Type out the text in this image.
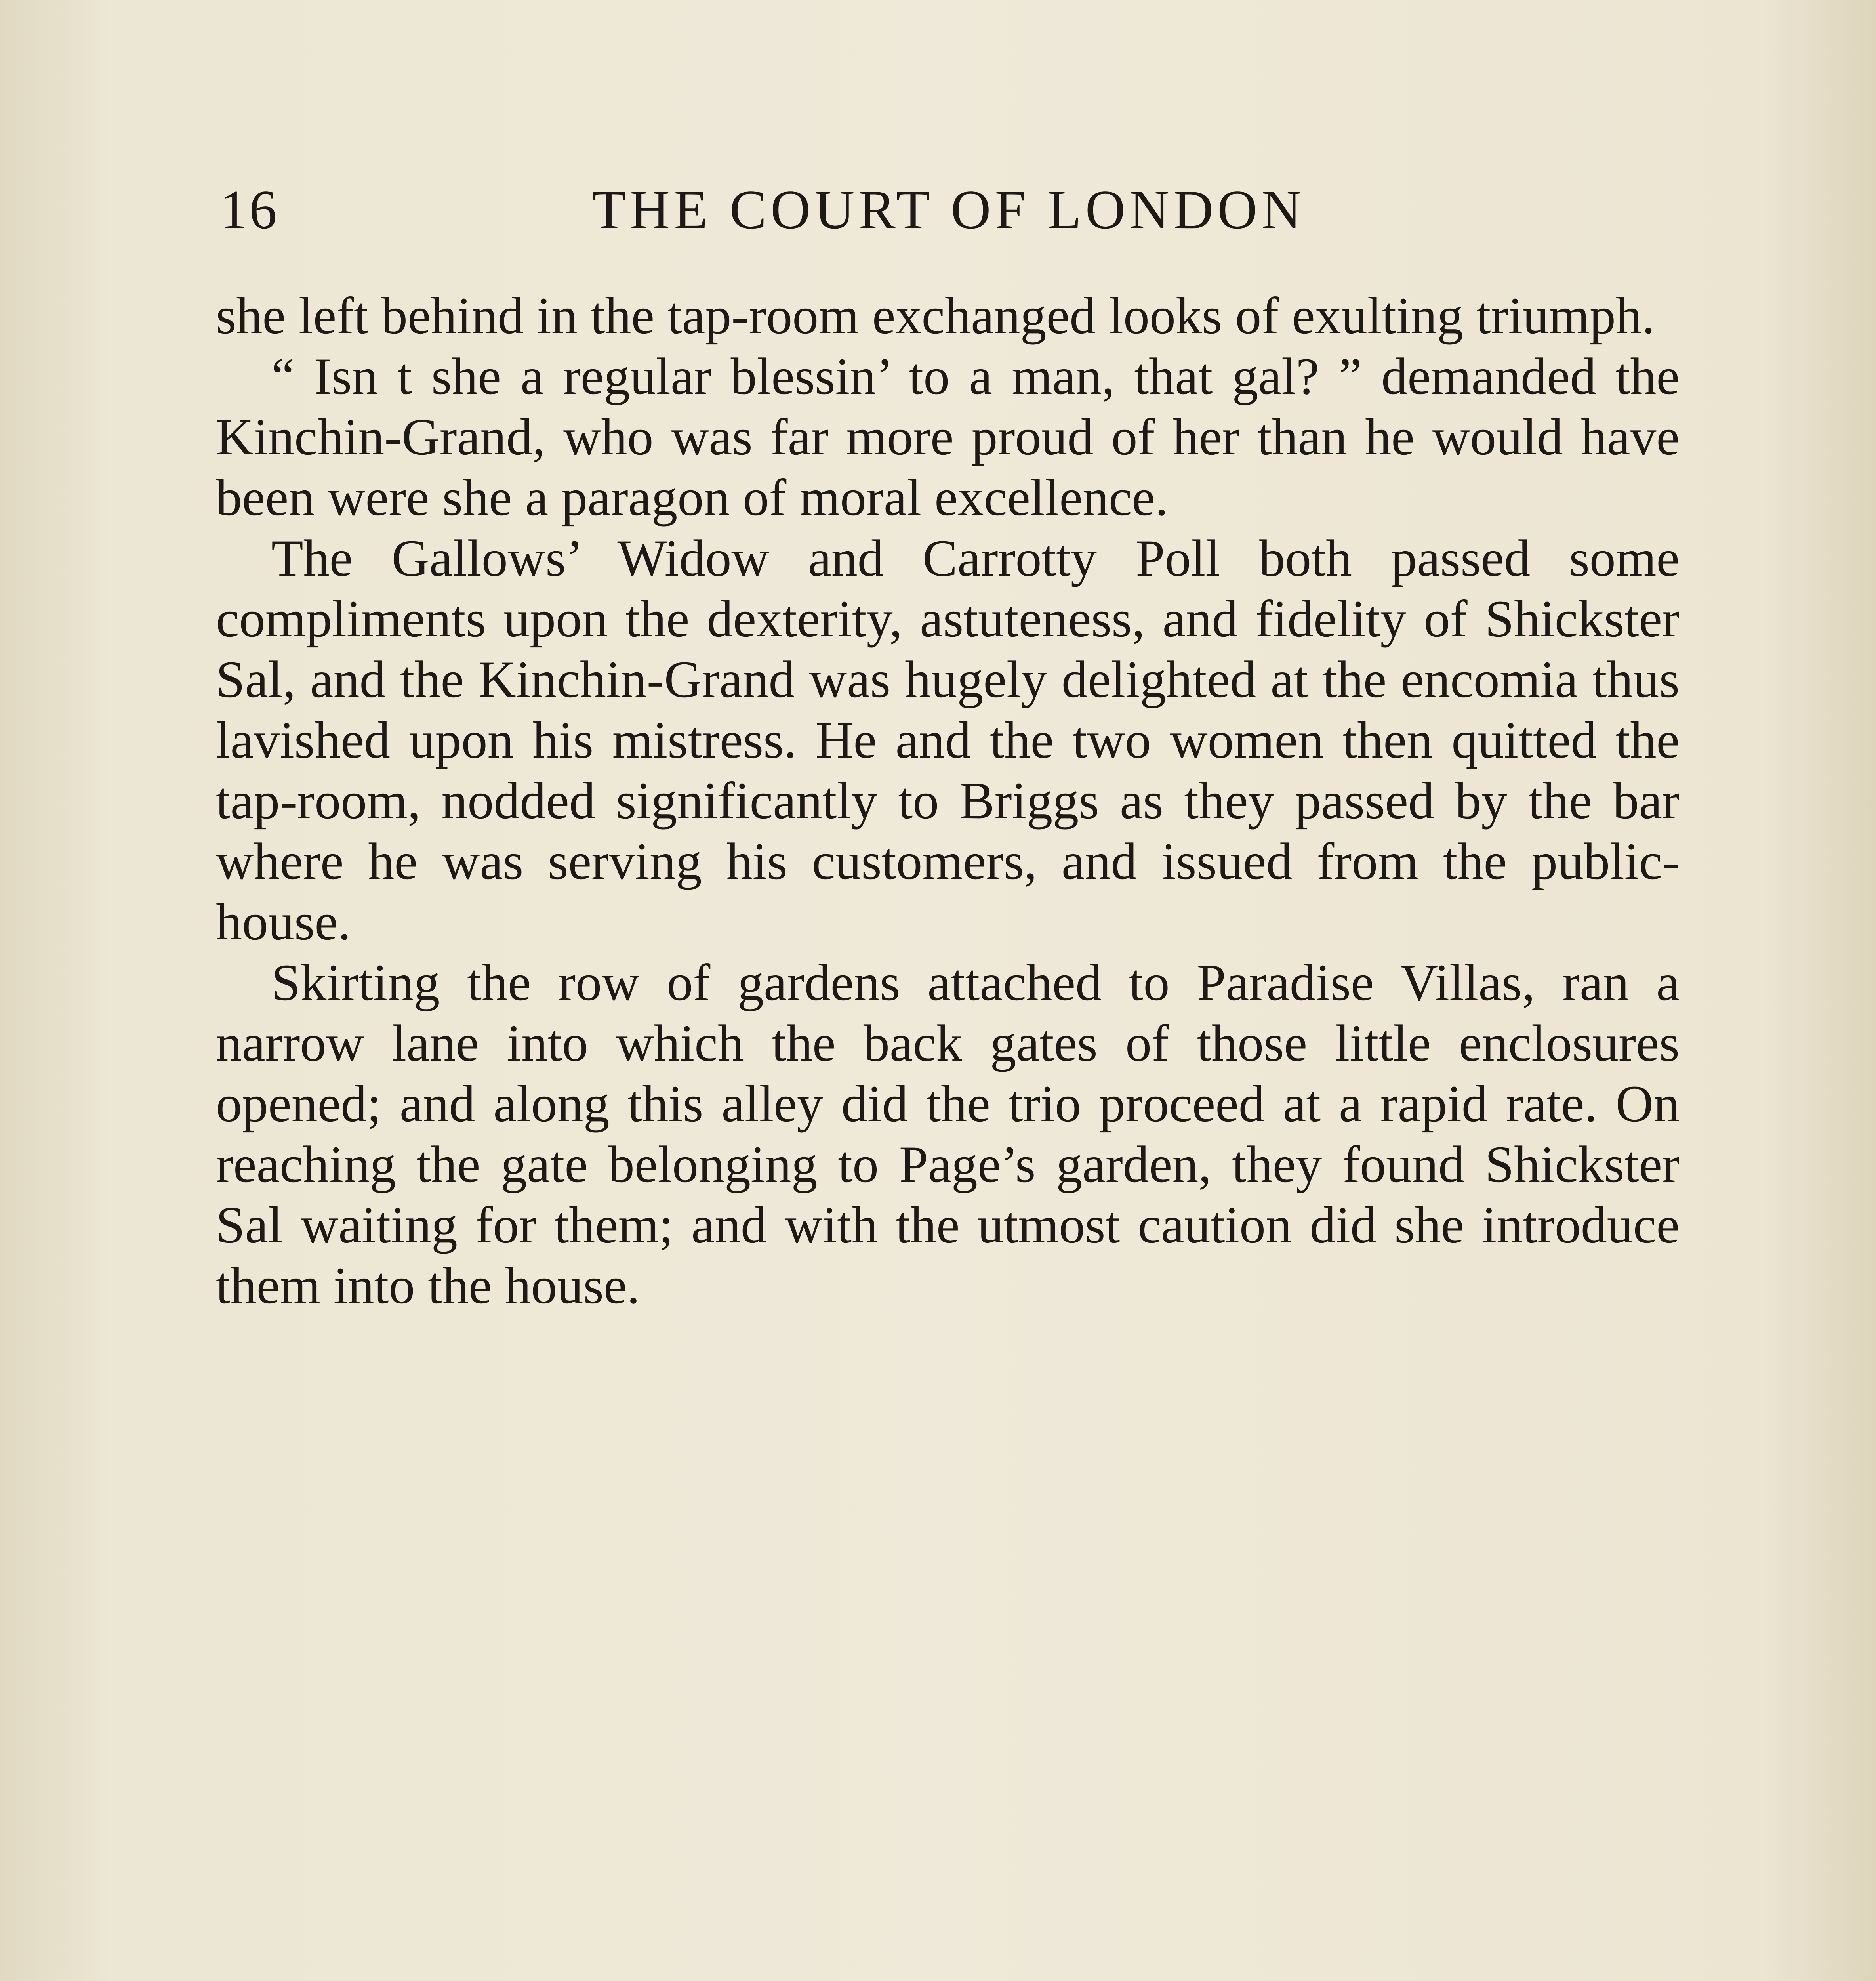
16	THE COURT OF LONDON

she left behind in the tap-room exchanged looks of exulting triumph.

“ Isn t she a regular blessin’ to a man, that gal? ” demanded the Kinchin-Grand, who was far more proud of her than he would have been were she a paragon of moral excellence.

The Gallows’ Widow and Carrotty Poll both passed some compliments upon the dexterity, astuteness, and fidelity of Shickster Sal, and the Kinchin-Grand was hugely delighted at the encomia thus lavished upon his mistress. He and the two women then quitted the tap-room, nodded significantly to Briggs as they passed by the bar where he was serving his customers, and issued from the public-house.

Skirting the row of gardens attached to Paradise Villas, ran a narrow lane into which the back gates of those little enclosures opened; and along this alley did the trio proceed at a rapid rate. On reaching the gate belonging to Page’s garden, they found Shickster Sal waiting for them; and with the utmost caution did she introduce them into the house.
